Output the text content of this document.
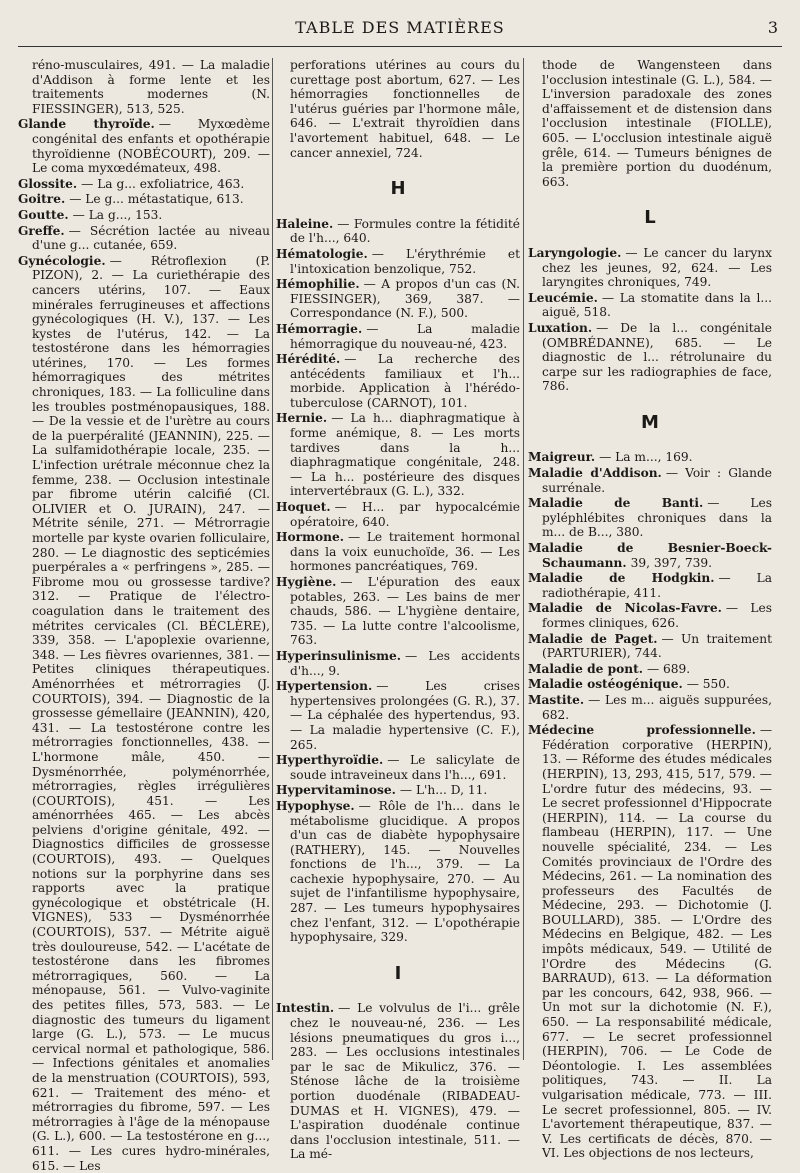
TABLE DES MATIÈRES	3
réno-musculaires, 491. — La maladie d'Addison à forme lente et les traitements modernes (N. FIESSINGER), 513, 525.
Glande thyroïde. — Myxœdème congénital des enfants et opothérapie thyroïdienne (NOBÉCOURT), 209. — Le coma myxœdémateux, 498.
Glossite. — La g... exfoliatrice, 463.
Goitre. — Le g... métastatique, 613.
Goutte. — La g..., 153.
Greffe. — Sécrétion lactée au niveau d'une g... cutanée, 659.
Gynécologie. — Rétroflexion (P. PIZON), 2. — La curiethérapie des cancers utérins, 107. — Eaux minérales ferrugineuses et affections gynécologiques (H. V.), 137. — Les kystes de l'utérus, 142. — La testostérone dans les hémorragies utérines, 170. — Les formes hémorragiques des métrites chroniques, 183. — La folliculine dans les troubles postménopausiques, 188. — De la vessie et de l'urètre au cours de la puerpéralité (JEANNIN), 225. — La sulfamidothérapie locale, 235. — L'infection urétrale méconnue chez la femme, 238. — Occlusion intestinale par fibrome utérin calcifié (Cl. OLIVIER et O. JURAIN), 247. — Métrite sénile, 271. — Métrorragie mortelle par kyste ovarien folliculaire, 280. — Le diagnostic des septicémies puerpérales a « perfringens », 285. — Fibrome mou ou grossesse tardive? 312. — Pratique de l'électro-coagulation dans le traitement des métrites cervicales (Cl. BÉCLÈRE), 339, 358. — L'apoplexie ovarienne, 348. — Les fièvres ovariennes, 381. — Petites cliniques thérapeutiques. Aménorrhées et métrorragies (J. COURTOIS), 394. — Diagnostic de la grossesse gémellaire (JEANNIN), 420, 431. — La testostérone contre les métrorragies fonctionnelles, 438. — L'hormone mâle, 450. — Dysménorrhée, polyménorrhée, métrorragies, règles irrégulières (COURTOIS), 451. — Les aménorrhées 465. — Les abcès pelviens d'origine génitale, 492. — Diagnostics difficiles de grossesse (COURTOIS), 493. — Quelques notions sur la porphyrine dans ses rapports avec la pratique gynécologique et obstétricale (H. VIGNES), 533 — Dysménorrhée (COURTOIS), 537. — Métrite aiguë très douloureuse, 542. — L'acétate de testostérone dans les fibromes métrorragiques, 560. — La ménopause, 561. — Vulvo-vaginite des petites filles, 573, 583. — Le diagnostic des tumeurs du ligament large (G. L.), 573. — Le mucus cervical normal et pathologique, 586. — Infections génitales et anomalies de la menstruation (COURTOIS), 593, 621. — Traitement des méno- et métrorragies du fibrome, 597. — Les métrorragies à l'âge de la ménopause (G. L.), 600. — La testostérone en g..., 611. — Les cures hydro-minérales, 615. — Les
perforations utérines au cours du curettage post abortum, 627. — Les hémorragies fonctionnelles de l'utérus guéries par l'hormone mâle, 646. — L'extrait thyroïdien dans l'avortement habituel, 648. — Le cancer annexiel, 724.
H
Haleine. — Formules contre la fétidité de l'h..., 640.
Hématologie. — L'érythrémie et l'intoxication benzolique, 752.
Hémophilie. — A propos d'un cas (N. FIESSINGER), 369, 387. — Correspondance (N. F.), 500.
Hémorragie. — La maladie hémorragique du nouveau-né, 423.
Hérédité. — La recherche des antécédents familiaux et l'h... morbide. Application à l'hérédo-tuberculose (CARNOT), 101.
Hernie. — La h... diaphragmatique à forme anémique, 8. — Les morts tardives dans la h... diaphragmatique congénitale, 248. — La h... postérieure des disques intervertébraux (G. L.), 332.
Hoquet. — H... par hypocalcémie opératoire, 640.
Hormone. — Le traitement hormonal dans la voix eunuchoïde, 36. — Les hormones pancréatiques, 769.
Hygiène. — L'épuration des eaux potables, 263. — Les bains de mer chauds, 586. — L'hygiène dentaire, 735. — La lutte contre l'alcoolisme, 763.
Hyperinsulinisme. — Les accidents d'h..., 9.
Hypertension. — Les crises hypertensives prolongées (G. R.), 37. — La céphalée des hypertendus, 93. — La maladie hypertensive (C. F.), 265.
Hyperthyroïdie. — Le salicylate de soude intraveineux dans l'h..., 691.
Hypervitaminose. — L'h... D, 11.
Hypophyse. — Rôle de l'h... dans le métabolisme glucidique. A propos d'un cas de diabète hypophysaire (RATHERY), 145. — Nouvelles fonctions de l'h..., 379. — La cachexie hypophysaire, 270. — Au sujet de l'infantilisme hypophysaire, 287. — Les tumeurs hypophysaires chez l'enfant, 312. — L'opothérapie hypophysaire, 329.
I
Intestin. — Le volvulus de l'i... grêle chez le nouveau-né, 236. — Les lésions pneumatiques du gros i..., 283. — Les occlusions intestinales par le sac de Mikulicz, 376. — Sténose lâche de la troisième portion duodénale (RIBADEAU-DUMAS et H. VIGNES), 479. — L'aspiration duodénale continue dans l'occlusion intestinale, 511. — La mé-
thode de Wangensteen dans l'occlusion intestinale (G. L.), 584. — L'inversion paradoxale des zones d'affaissement et de distension dans l'occlusion intestinale (FIOLLE), 605. — L'occlusion intestinale aiguë grêle, 614. — Tumeurs bénignes de la première portion du duodénum, 663.
L
Laryngologie. — Le cancer du larynx chez les jeunes, 92, 624. — Les laryngites chroniques, 749.
Leucémie. — La stomatite dans la l... aiguë, 518.
Luxation. — De la l... congénitale (OMBRÉDANNE), 685. — Le diagnostic de l... rétrolunaire du carpe sur les radiographies de face, 786.
M
Maigreur. — La m..., 169.
Maladie d'Addison. — Voir : Glande surrénale.
Maladie de Banti. — Les pyléphlébites chroniques dans la m... de B..., 380.
Maladie de Besnier-Boeck-Schaumann. 39, 397, 739.
Maladie de Hodgkin. — La radiothérapie, 411.
Maladie de Nicolas-Favre. — Les formes cliniques, 626.
Maladie de Paget. — Un traitement (PARTURIER), 744.
Maladie de pont. — 689.
Maladie ostéogénique. — 550.
Mastite. — Les m... aiguës suppurées, 682.
Médecine professionnelle. — Fédération corporative (HERPIN), 13. — Réforme des études médicales (HERPIN), 13, 293, 415, 517, 579. — L'ordre futur des médecins, 93. — Le secret professionnel d'Hippocrate (HERPIN), 114. — La course du flambeau (HERPIN), 117. — Une nouvelle spécialité, 234. — Les Comités provinciaux de l'Ordre des Médecins, 261. — La nomination des professeurs des Facultés de Médecine, 293. — Dichotomie (J. BOULLARD), 385. — L'Ordre des Médecins en Belgique, 482. — Les impôts médicaux, 549. — Utilité de l'Ordre des Médecins (G. BARRAUD), 613. — La déformation par les concours, 642, 938, 966. — Un mot sur la dichotomie (N. F.), 650. — La responsabilité médicale, 677. — Le secret professionnel (HERPIN), 706. — Le Code de Déontologie. I. Les assemblées politiques, 743. — II. La vulgarisation médicale, 773. — III. Le secret professionnel, 805. — IV. L'avortement thérapeutique, 837. — V. Les certificats de décès, 870. — VI. Les objections de nos lecteurs,
